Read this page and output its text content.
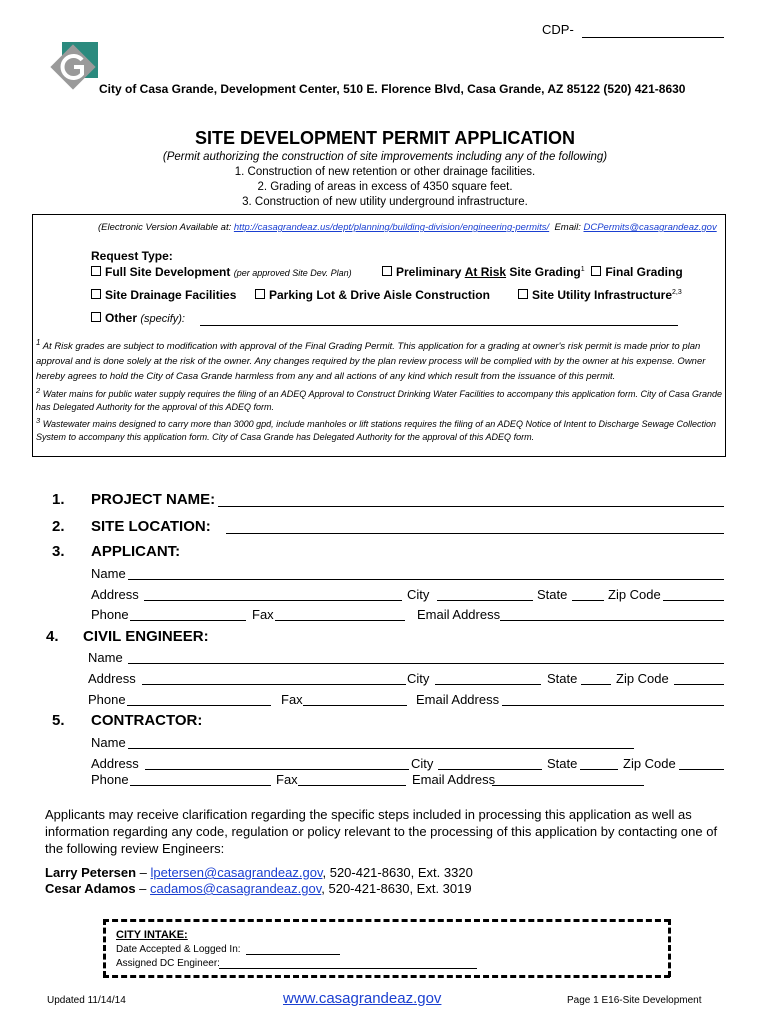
CDP-
City of Casa Grande, Development Center, 510 E. Florence Blvd, Casa Grande, AZ 85122 (520) 421-8630
SITE DEVELOPMENT PERMIT APPLICATION
(Permit authorizing the construction of site improvements including any of the following)
1. Construction of new retention or other drainage facilities.
2. Grading of areas in excess of 4350 square feet.
3. Construction of new utility underground infrastructure.
(Electronic Version Available at: http://casagrandeaz.us/dept/planning/building-division/engineering-permits/ Email: DCPermits@casagrandeaz.gov
Request Type:
Full Site Development (per approved Site Dev. Plan)	Preliminary At Risk Site Grading$^1$ Final Grading
Site Drainage Facilities	Parking Lot & Drive Aisle Construction	Site Utility Infrastructure$^{2,3}$
Other (specify):
$^1$ At Risk grades are subject to modification with approval of the Final Grading Permit. This application for a grading at owner's risk permit is made prior to plan approval and is done solely at the risk of the owner. Any changes required by the plan review process will be complied with by the owner at his expense. Owner hereby agrees to hold the City of Casa Grande harmless from any and all actions of any kind which result from the issuance of this permit.
$^2$ Water mains for public water supply requires the filing of an ADEQ Approval to Construct Drinking Water Facilities to accompany this application form. City of Casa Grande has Delegated Authority for the approval of this ADEQ form.
$^3$ Wastewater mains designed to carry more than 3000 gpd, include manholes or lift stations requires the filing of an ADEQ Notice of Intent to Discharge Sewage Collection System to accompany this application form. City of Casa Grande has Delegated Authority for the approval of this ADEQ form.
1. PROJECT NAME:
2. SITE LOCATION:
3. APPLICANT:
Name
Address	City	State	Zip Code
Phone	Fax	Email Address
4. CIVIL ENGINEER:
Name
Address	City	State	Zip Code
Phone	Fax	Email Address
5. CONTRACTOR:
Name
Address	City	State	Zip Code
Phone	Fax	Email Address
Applicants may receive clarification regarding the specific steps included in processing this application as well as information regarding any code, regulation or policy relevant to the processing of this application by contacting one of the following review Engineers:
Larry Petersen – lpetersen@casagrandeaz.gov, 520-421-8630, Ext. 3320
Cesar Adamos – cadamos@casagrandeaz.gov, 520-421-8630, Ext. 3019
CITY INTAKE:
Date Accepted & Logged In:
Assigned DC Engineer:
Updated 11/14/14	www.casagrandeaz.gov	Page 1 E16-Site Development
